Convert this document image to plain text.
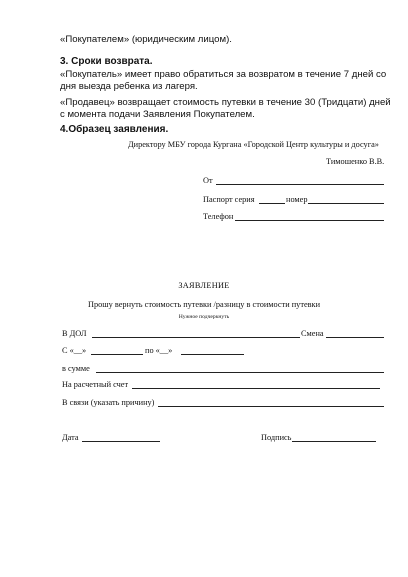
«Покупателем» (юридическим лицом).
3. Сроки возврата.
«Покупатель» имеет право обратиться за возвратом в течение 7 дней со
дня выезда ребенка из лагеря.
«Продавец» возвращает стоимость путевки в течение 30 (Тридцати) дней
с момента подачи Заявления Покупателем.
4.Образец заявления.
Директору МБУ города Кургана «Городской Центр культуры и досуга»
Тимошенко В.В.
От
Паспорт серия	номер
Телефон
ЗАЯВЛЕНИЕ
Прошу вернуть стоимость путевки /разницу в стоимости путевки
Нужное подчеркнуть
В ДОЛ	Смена
С «__»	по «__»
в сумме
На расчетный счет
В связи (указать причину)
Дата	Подпись
